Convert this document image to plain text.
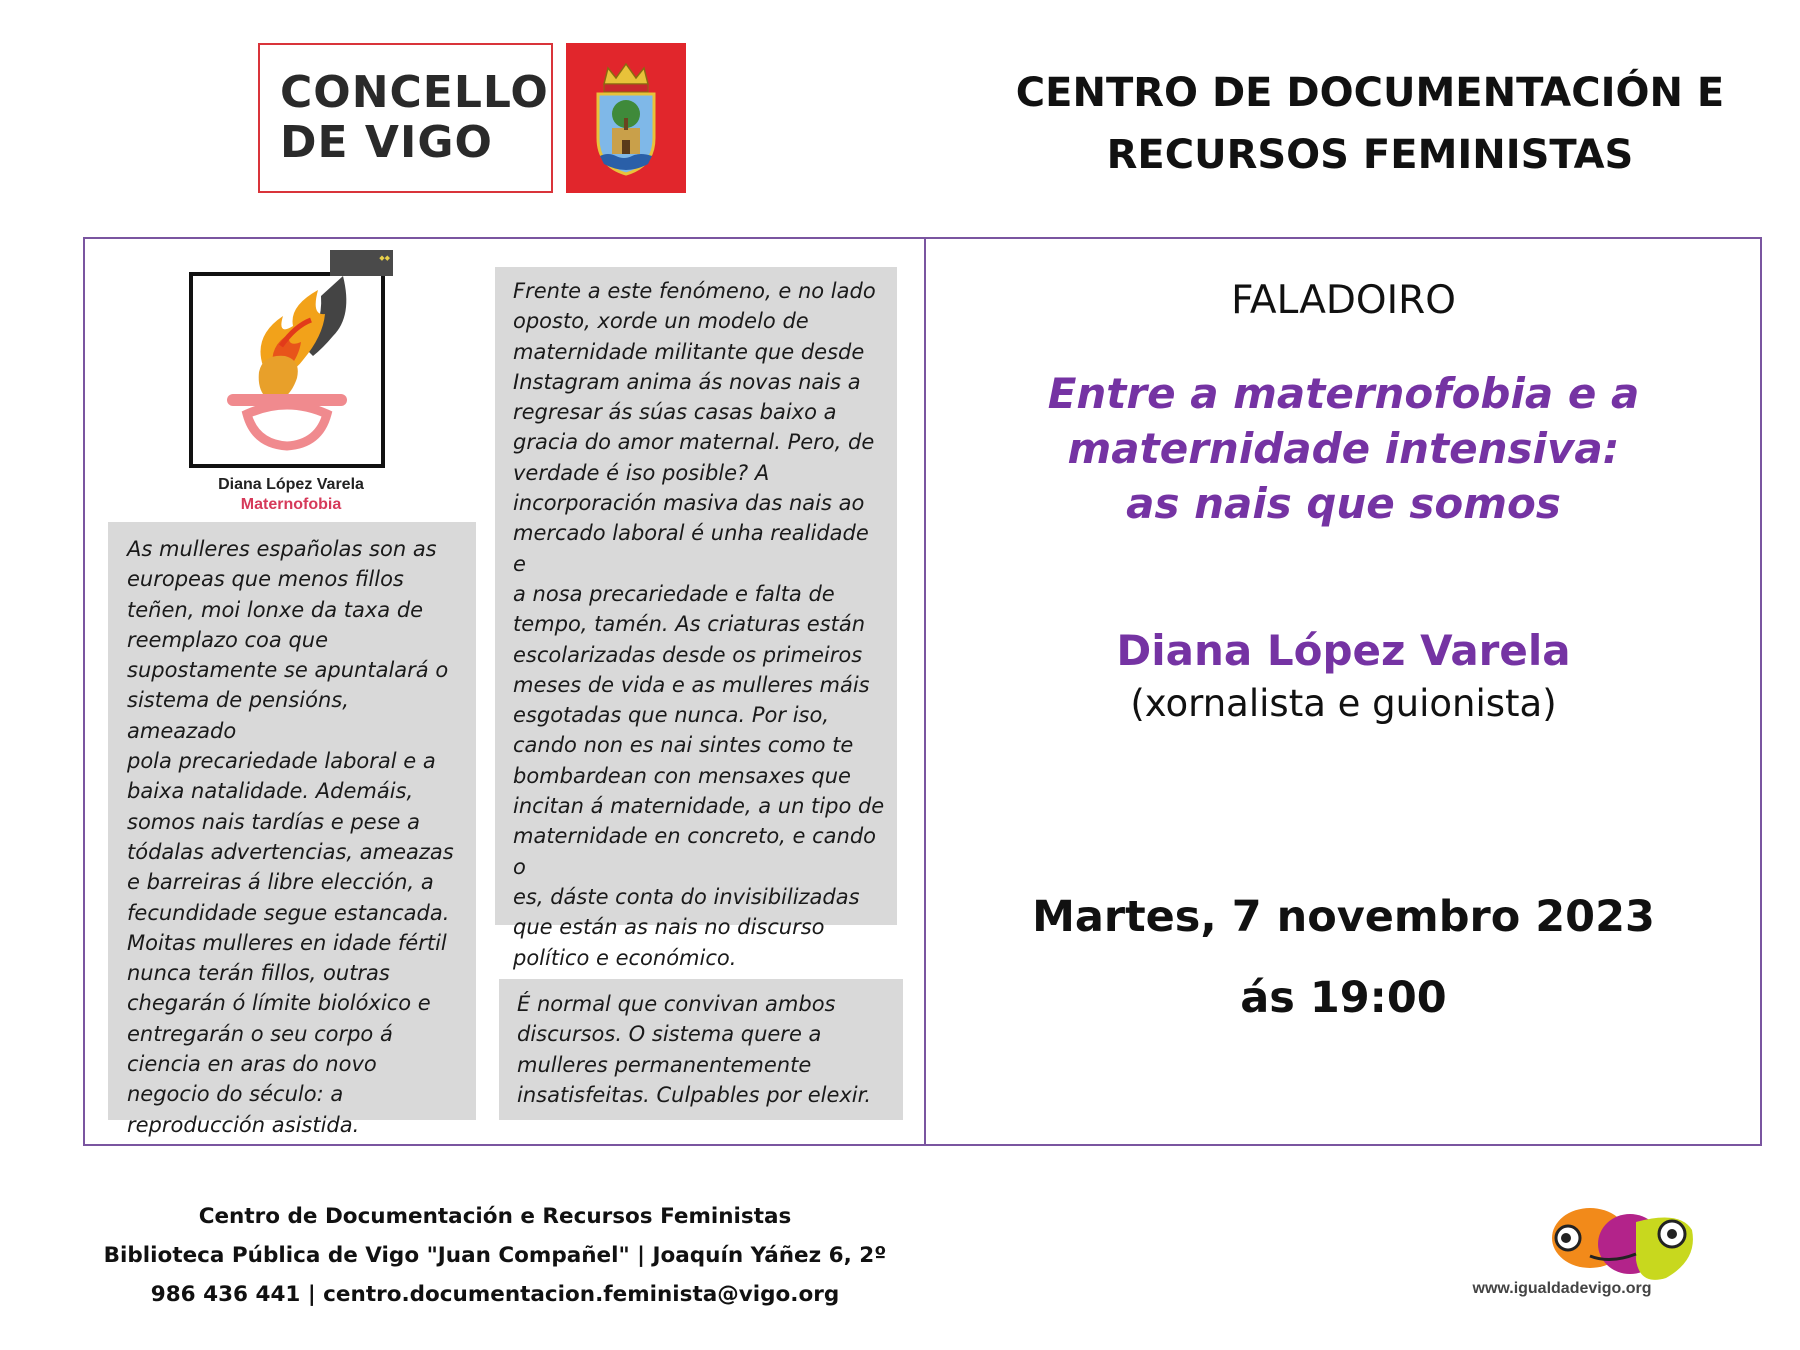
CONCELLO
DE VIGO
CENTRO DE DOCUMENTACIÓN E
RECURSOS FEMINISTAS
◆◆
Diana López Varela
Maternofobia
As mulleres españolas son as
europeas que menos fillos
teñen, moi lonxe da taxa de
reemplazo coa que
supostamente se apuntalará o
sistema de pensións, ameazado
pola precariedade laboral e a
baixa natalidade. Ademáis,
somos nais tardías e pese a
tódalas advertencias, ameazas
e barreiras á libre elección, a
fecundidade segue estancada.
Moitas mulleres en idade fértil
nunca terán fillos, outras
chegarán ó límite biolóxico e
entregarán o seu corpo á
ciencia en aras do novo
negocio do século: a
reproducción asistida.
Frente a este fenómeno, e no lado
oposto, xorde un modelo de
maternidade militante que desde
Instagram anima ás novas nais a
regresar ás súas casas baixo a
gracia do amor maternal. Pero, de
verdade é iso posible? A
incorporación masiva das nais ao
mercado laboral é unha realidade e
a nosa precariedade e falta de
tempo, tamén. As criaturas están
escolarizadas desde os primeiros
meses de vida e as mulleres máis
esgotadas que nunca. Por iso,
cando non es nai sintes como te
bombardean con mensaxes que
incitan á maternidade, a un tipo de
maternidade en concreto, e cando o
es, dáste conta do invisibilizadas
que están as nais no discurso
político e económico.
É normal que convivan ambos
discursos. O sistema quere a
mulleres permanentemente
insatisfeitas. Culpables por elexir.
FALADOIRO
Entre a maternofobia e a
maternidade intensiva:
as nais que somos
Diana López Varela
(xornalista e guionista)
Martes, 7 novembro 2023
ás 19:00
Centro de Documentación e Recursos Feministas
Biblioteca Pública de Vigo "Juan Compañel" | Joaquín Yáñez 6, 2º
986 436 441 | centro.documentacion.feminista@vigo.org	www.igualdadevigo.org
